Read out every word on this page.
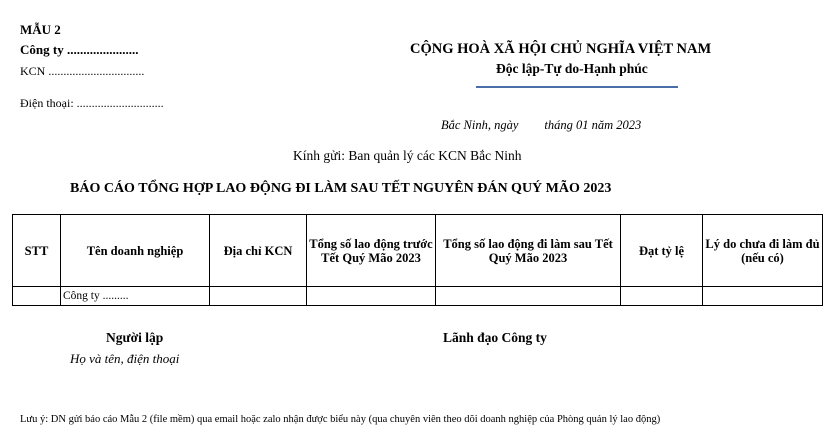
MẪU 2
Công ty ......................
KCN ................................
Điện thoại: .............................
CỘNG HOÀ XÃ HỘI CHỦ NGHĨA VIỆT NAM
Độc lập-Tự do-Hạnh phúc
Bắc Ninh, ngày tháng 01 năm 2023
Kính gửi: Ban quản lý các KCN Bắc Ninh
BÁO CÁO TỔNG HỢP LAO ĐỘNG ĐI LÀM SAU TẾT NGUYÊN ĐÁN QUÝ MÃO 2023
STT	Tên doanh nghiệp	Địa chỉ KCN	Tổng số lao động trước Tết Quý Mão 2023	Tổng số lao động đi làm sau Tết Quý Mão 2023	Đạt tỷ lệ	Lý do chưa đi làm đủ (nếu có)
	Công ty .........					
Người lập
Họ và tên, điện thoại
Lãnh đạo Công ty
Lưu ý: DN gửi báo cáo Mẫu 2 (file mềm) qua email hoặc zalo nhận được biểu này (qua chuyên viên theo dõi doanh nghiệp của Phòng quản lý lao động)
